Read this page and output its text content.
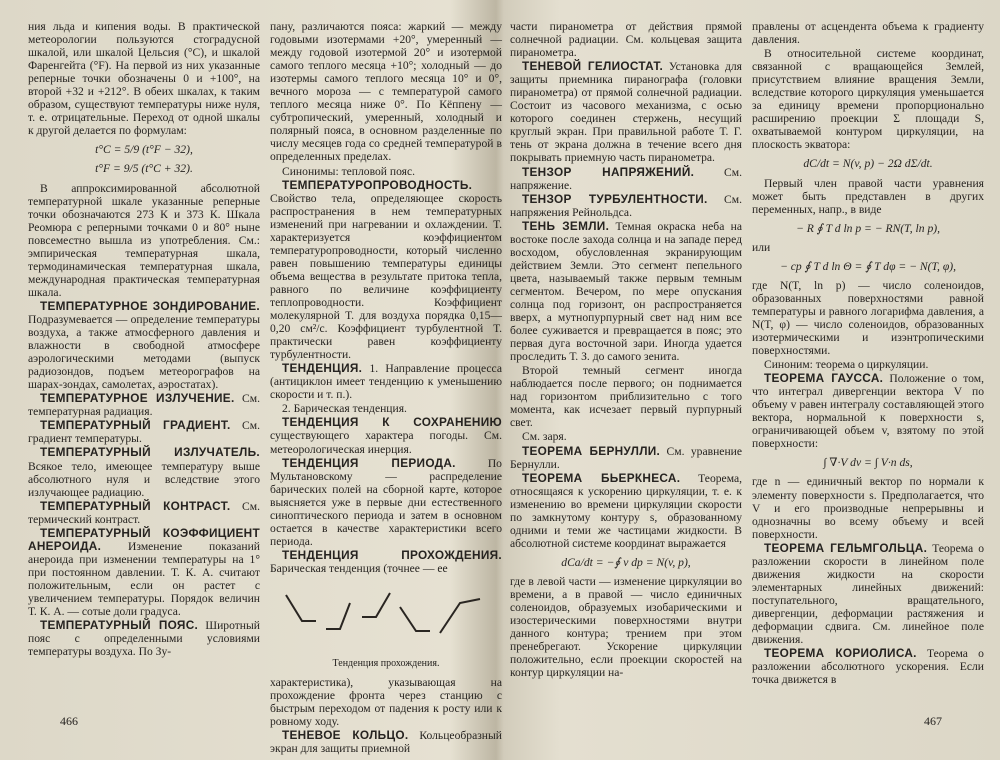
ния льда и кипения воды. В практической метеорологии пользуются стоградусной шкалой, или шкалой Цельсия (°С), и шкалой Фаренгейта (°F). На первой из них указанные реперные точки обозначены 0 и +100°, на второй +32 и +212°. В обеих шкалах, к таким образом, существуют температуры ниже нуля, т. е. отрицательные. Переход от одной шкалы к другой делается по формулам:

t°C = 5/9 (t°F − 32),
t°F = 9/5 (t°C + 32).

В аппроксимированной абсолютной температурной шкале указанные реперные точки обозначаются 273 К и 373 К. Шкала Реомюра с реперными точками 0 и 80° ныне повсеместно вышла из употребления. См.: эмпирическая температурная шкала, термодинамическая температурная шкала, международная практическая температурная шкала.

ТЕМПЕРАТУРНОЕ ЗОНДИРОВАНИЕ. Подразумевается — определение температуры воздуха, а также атмосферного давления и влажности в свободной атмосфере аэрологическими методами (выпуск радиозондов, подъем метеорографов на шарах-зондах, самолетах, аэростатах).

ТЕМПЕРАТУРНОЕ ИЗЛУЧЕНИЕ. См. температурная радиация.

ТЕМПЕРАТУРНЫЙ ГРАДИЕНТ. См. градиент температуры.

ТЕМПЕРАТУРНЫЙ ИЗЛУЧАТЕЛЬ. Всякое тело, имеющее температуру выше абсолютного нуля и вследствие этого излучающее радиацию.

ТЕМПЕРАТУРНЫЙ КОНТРАСТ. См. термический контраст.

ТЕМПЕРАТУРНЫЙ КОЭФФИЦИЕНТ АНЕРОИДА. Изменение показаний анероида при изменении температуры на 1° при постоянном давлении. Т. К. А. считают положительным, если он растет с увеличением температуры. Порядок величин Т. К. А. — сотые доли градуса.

ТЕМПЕРАТУРНЫЙ ПОЯС. Широтный пояс с определенными условиями температуры воздуха. По Зу-

пану, различаются пояса: жаркий — между годовыми изотермами +20°, умеренный — между годовой изотермой 20° и изотермой самого теплого месяца +10°; холодный — до изотермы самого теплого месяца 10° и 0°, вечного мороза — с температурой самого теплого месяца ниже 0°. По Кёппену — субтропический, умеренный, холодный и полярный пояса, в основном разделенные по числу месяцев года со средней температурой в определенных пределах.

Синонимы: тепловой пояс.

ТЕМПЕРАТУРОПРОВОДНОСТЬ. Свойство тела, определяющее скорость распространения в нем температурных изменений при нагревании и охлаждении. Т. характеризуется коэффициентом температуропроводности, который численно равен повышению температуры единицы объема вещества в результате притока тепла, равного по величине коэффициенту теплопроводности. Коэффициент молекулярной Т. для воздуха порядка 0,15—0,20 см²/с. Коэффициент турбулентной Т. практически равен коэффициенту турбулентности.

ТЕНДЕНЦИЯ. 1. Направление процесса (антициклон имеет тенденцию к уменьшению скорости и т. п.).

2. Барическая тенденция.

ТЕНДЕНЦИЯ К СОХРАНЕНИЮ существующего характера погоды. См. метеорологическая инерция.

ТЕНДЕНЦИЯ ПЕРИОДА. По Мультановскому — распределение барических полей на сборной карте, которое выясняется уже в первые дни естественного синоптического периода и затем в основном остается в качестве характеристики всего периода.

ТЕНДЕНЦИЯ ПРОХОЖДЕНИЯ. Барическая тенденция (точнее — ее

Тенденция прохождения.

характеристика), указывающая на прохождение фронта через станцию с быстрым переходом от падения к росту или к ровному ходу.

ТЕНЕВОЕ КОЛЬЦО. Кольцеобразный экран для защиты приемной

466

части пиранометра от действия прямой солнечной радиации. См. кольцевая защита пиранометра.

ТЕНЕВОЙ ГЕЛИОСТАТ. Установка для защиты приемника пиранографа (головки пиранометра) от прямой солнечной радиации. Состоит из часового механизма, с осью которого соединен стержень, несущий круглый экран. При правильной работе Т. Г. тень от экрана должна в течение всего дня покрывать приемную часть пиранометра.

ТЕНЗОР НАПРЯЖЕНИЙ. См. напряжение.

ТЕНЗОР ТУРБУЛЕНТНОСТИ. См. напряжения Рейнольдса.

ТЕНЬ ЗЕМЛИ. Темная окраска неба на востоке после захода солнца и на западе перед восходом, обусловленная экранирующим действием Земли. Это сегмент пепельного цвета, называемый также первым темным сегментом. Вечером, по мере опускания солнца под горизонт, он распространяется вверх, а мутнопурпурный свет над ним все более суживается и превращается в пояс; это первая дуга восточной зари. Иногда удается проследить Т. З. до самого зенита.

Второй темный сегмент иногда наблюдается после первого; он поднимается над горизонтом приблизительно с того момента, как исчезает первый пурпурный свет.

См. заря.

ТЕОРЕМА БЕРНУЛЛИ. См. уравнение Бернулли.

ТЕОРЕМА БЬЕРКНЕСА. Теорема, относящаяся к ускорению циркуляции, т. е. к изменению во времени циркуляции скорости по замкнутому контуру s, образованному одними и теми же частицами жидкости. В абсолютной системе координат выражается

dCa/dt = −∮ v dp = N(v, p),

где в левой части — изменение циркуляции во времени, а в правой — число единичных соленоидов, образуемых изобарическими и изостерическими поверхностями внутри данного контура; трением при этом пренебрегают. Ускорение циркуляции положительно, если проекции скоростей на контур циркуляции на-

правлены от асцендента объема к градиенту давления.

В относительной системе координат, связанной с вращающейся Землей, присутствием влияние вращения Земли, вследствие которого циркуляция уменьшается за единицу времени пропорционально расширению проекции Σ площади S, охватываемой контуром циркуляции, на плоскость экватора:

dC/dt = N(v, p) − 2Ω dΣ/dt.

Первый член правой части уравнения может быть представлен в других переменных, напр., в виде

− R ∮ T d ln p = − RN(T, ln p),

или

− cp ∮ T d ln Θ = ∮ T dφ = − N(T, φ),

где N(T, ln p) — число соленоидов, образованных поверхностями равной температуры и равного логарифма давления, а N(T, φ) — число соленоидов, образованных изотермическими и изэнтропическими поверхностями.

Синоним: теорема о циркуляции.

ТЕОРЕМА ГАУССА. Положение о том, что интеграл дивергенции вектора V по объему v равен интегралу составляющей этого вектора, нормальной к поверхности s, ограничивающей объем v, взятому по этой поверхности:

∫ ∇·V dv = ∫ V·n ds,

где n — единичный вектор по нормали к элементу поверхности s. Предполагается, что V и его производные непрерывны и однозначны во всему объему и всей поверхности.

ТЕОРЕМА ГЕЛЬМГОЛЬЦА. Теорема о разложении скорости в линейном поле движения жидкости на скорости элементарных линейных движений: поступательного, вращательного, дивергенции, деформации растяжения и деформации сдвига. См. линейное поле движения.

ТЕОРЕМА КОРИОЛИСА. Теорема о разложении абсолютного ускорения. Если точка движется в

467
